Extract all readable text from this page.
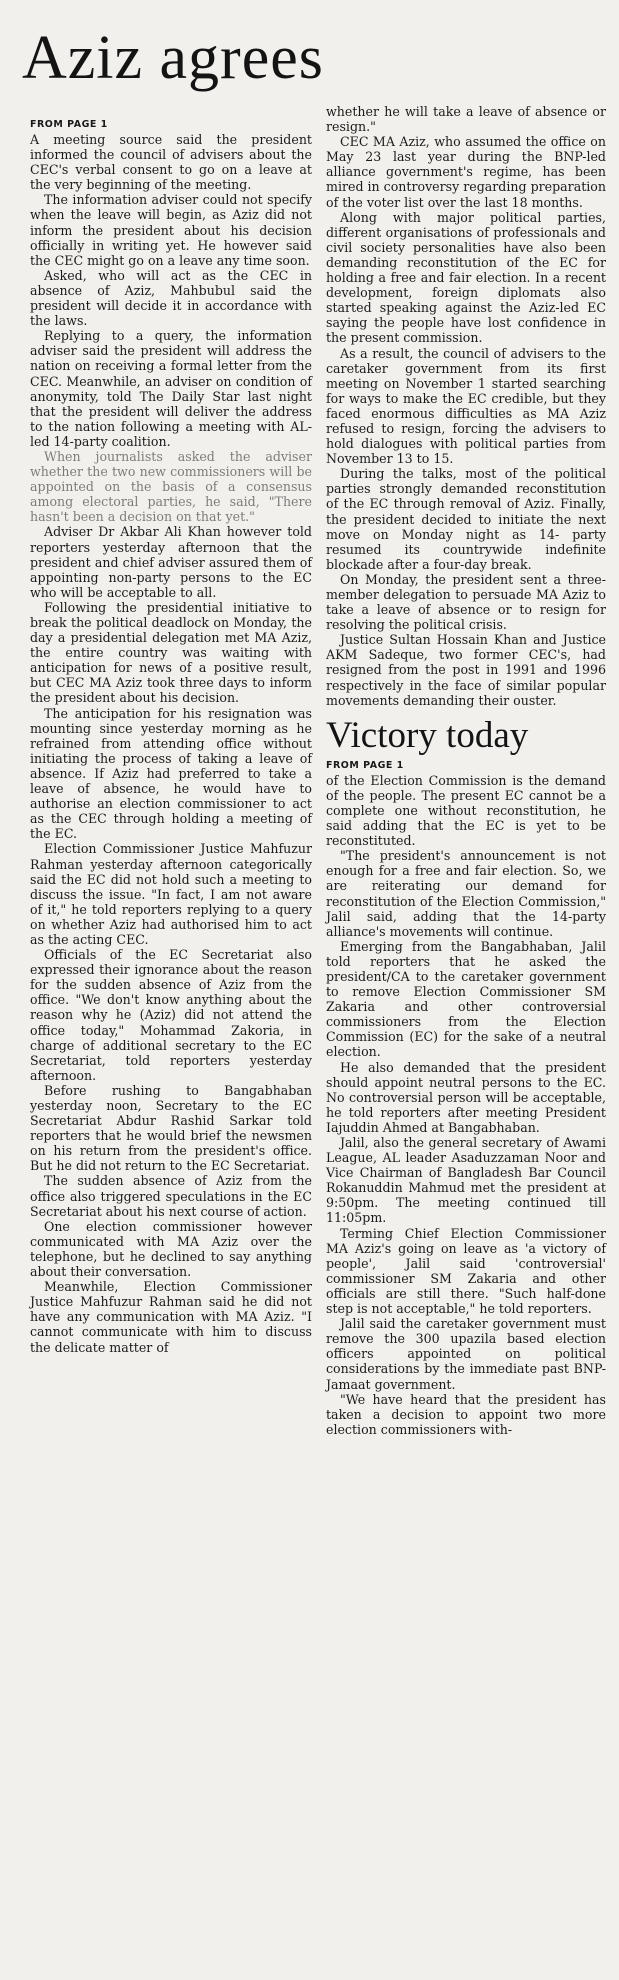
Aziz agrees
FROM PAGE 1

A meeting source said the president informed the council of advisers about the CEC's verbal consent to go on a leave at the very beginning of the meeting.

The information adviser could not specify when the leave will begin, as Aziz did not inform the president about his decision officially in writing yet. He however said the CEC might go on a leave any time soon.

Asked, who will act as the CEC in absence of Aziz, Mahbubul said the president will decide it in accordance with the laws.

Replying to a query, the information adviser said the president will address the nation on receiving a formal letter from the CEC. Meanwhile, an adviser on condition of anonymity, told The Daily Star last night that the president will deliver the address to the nation following a meeting with AL-led 14-party coalition.

When journalists asked the adviser whether the two new commissioners will be appointed on the basis of a consensus among electoral parties, he said, "There hasn't been a decision on that yet."

Adviser Dr Akbar Ali Khan however told reporters yesterday afternoon that the president and chief adviser assured them of appointing non-party persons to the EC who will be acceptable to all.

Following the presidential initiative to break the political deadlock on Monday, the day a presidential delegation met MA Aziz, the entire country was waiting with anticipation for news of a positive result, but CEC MA Aziz took three days to inform the president about his decision.

The anticipation for his resignation was mounting since yesterday morning as he refrained from attending office without initiating the process of taking a leave of absence. If Aziz had preferred to take a leave of absence, he would have to authorise an election commissioner to act as the CEC through holding a meeting of the EC.

Election Commissioner Justice Mahfuzur Rahman yesterday afternoon categorically said the EC did not hold such a meeting to discuss the issue. "In fact, I am not aware of it," he told reporters replying to a query on whether Aziz had authorised him to act as the acting CEC.

Officials of the EC Secretariat also expressed their ignorance about the reason for the sudden absence of Aziz from the office. "We don't know anything about the reason why he (Aziz) did not attend the office today," Mohammad Zakoria, in charge of additional secretary to the EC Secretariat, told reporters yesterday afternoon.

Before rushing to Bangabhaban yesterday noon, Secretary to the EC Secretariat Abdur Rashid Sarkar told reporters that he would brief the newsmen on his return from the president's office. But he did not return to the EC Secretariat.

The sudden absence of Aziz from the office also triggered speculations in the EC Secretariat about his next course of action.

One election commissioner however communicated with MA Aziz over the telephone, but he declined to say anything about their conversation.

Meanwhile, Election Commissioner Justice Mahfuzur Rahman said he did not have any communication with MA Aziz. "I cannot communicate with him to discuss the delicate matter of

whether he will take a leave of absence or resign."

CEC MA Aziz, who assumed the office on May 23 last year during the BNP-led alliance government's regime, has been mired in controversy regarding preparation of the voter list over the last 18 months.

Along with major political parties, different organisations of professionals and civil society personalities have also been demanding reconstitution of the EC for holding a free and fair election. In a recent development, foreign diplomats also started speaking against the Aziz-led EC saying the people have lost confidence in the present commission.

As a result, the council of advisers to the caretaker government from its first meeting on November 1 started searching for ways to make the EC credible, but they faced enormous difficulties as MA Aziz refused to resign, forcing the advisers to hold dialogues with political parties from November 13 to 15.

During the talks, most of the political parties strongly demanded reconstitution of the EC through removal of Aziz. Finally, the president decided to initiate the next move on Monday night as 14- party resumed its countrywide indefinite blockade after a four-day break.

On Monday, the president sent a three-member delegation to persuade MA Aziz to take a leave of absence or to resign for resolving the political crisis.

Justice Sultan Hossain Khan and Justice AKM Sadeque, two former CEC's, had resigned from the post in 1991 and 1996 respectively in the face of similar popular movements demanding their ouster.

Victory today
FROM PAGE 1

of the Election Commission is the demand of the people. The present EC cannot be a complete one without reconstitution, he said adding that the EC is yet to be reconstituted.

"The president's announcement is not enough for a free and fair election. So, we are reiterating our demand for reconstitution of the Election Commission," Jalil said, adding that the 14-party alliance's movements will continue.

Emerging from the Bangabhaban, Jalil told reporters that he asked the president/CA to the caretaker government to remove Election Commissioner SM Zakaria and other controversial commissioners from the Election Commission (EC) for the sake of a neutral election.

He also demanded that the president should appoint neutral persons to the EC. No controversial person will be acceptable, he told reporters after meeting President Iajuddin Ahmed at Bangabhaban.

Jalil, also the general secretary of Awami League, AL leader Asaduzzaman Noor and Vice Chairman of Bangladesh Bar Council Rokanuddin Mahmud met the president at 9:50pm. The meeting continued till 11:05pm.

Terming Chief Election Commissioner MA Aziz's going on leave as 'a victory of people', Jalil said 'controversial' commissioner SM Zakaria and other officials are still there. "Such half-done step is not acceptable," he told reporters.

Jalil said the caretaker government must remove the 300 upazila based election officers appointed on political considerations by the immediate past BNP-Jamaat government.

"We have heard that the president has taken a decision to appoint two more election commissioners with-
